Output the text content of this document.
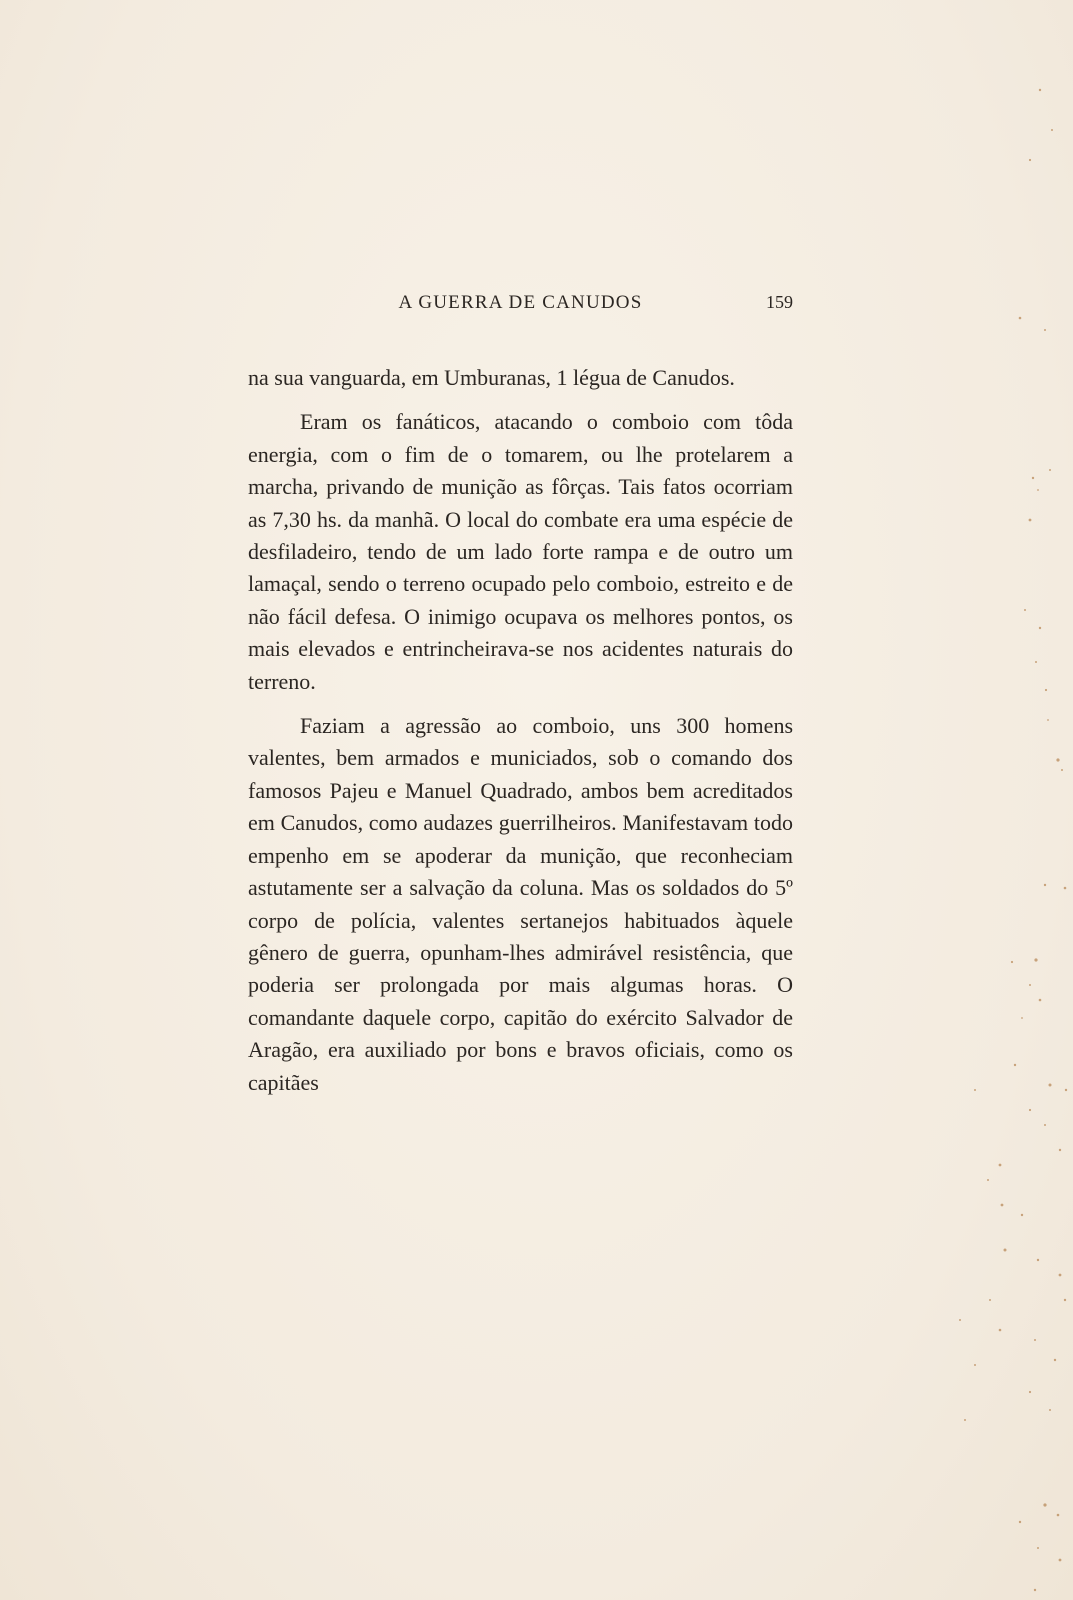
A GUERRA DE CANUDOS	159

na sua vanguarda, em Umburanas, 1 légua de Canudos.

Eram os fanáticos, atacando o comboio com tôda energia, com o fim de o tomarem, ou lhe protelarem a marcha, privando de munição as fôrças. Tais fatos ocorriam as 7,30 hs. da manhã. O local do combate era uma espécie de desfiladeiro, tendo de um lado forte rampa e de outro um lamaçal, sendo o terreno ocupado pelo comboio, estreito e de não fácil defesa. O inimigo ocupava os melhores pontos, os mais elevados e entrincheirava-se nos acidentes naturais do terreno.

Faziam a agressão ao comboio, uns 300 homens valentes, bem armados e municiados, sob o comando dos famosos Pajeu e Manuel Quadrado, ambos bem acreditados em Canudos, como audazes guerrilheiros. Manifestavam todo empenho em se apoderar da munição, que reconheciam astutamente ser a salvação da coluna. Mas os soldados do 5º corpo de polícia, valentes sertanejos habituados àquele gênero de guerra, opunham-lhes admirável resistência, que poderia ser prolongada por mais algumas horas. O comandante daquele corpo, capitão do exército Salvador de Aragão, era auxiliado por bons e bravos oficiais, como os capitães
